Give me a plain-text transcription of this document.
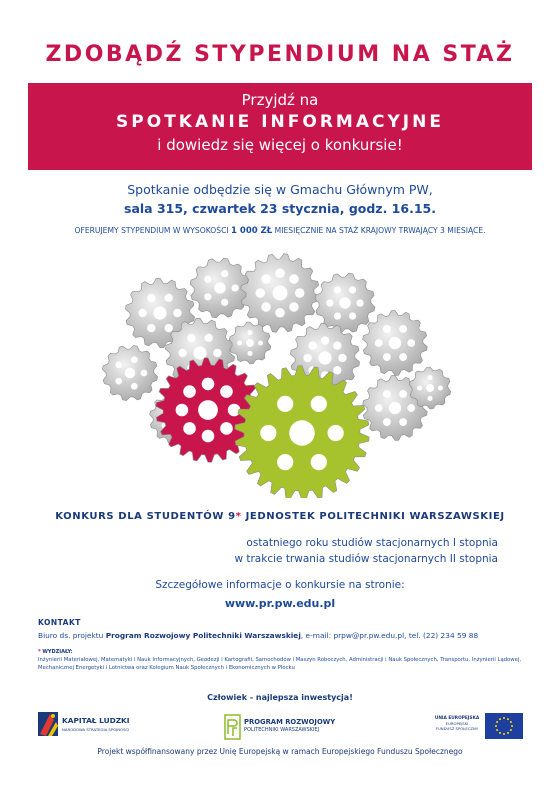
ZDOBĄDŹ STYPENDIUM NA STAŻ
Przyjdź na
SPOTKANIE INFORMACYJNE
i dowiedz się więcej o konkursie!
Spotkanie odbędzie się w Gmachu Głównym PW,
sala 315, czwartek 23 stycznia, godz. 16.15.
OFERUJEMY STYPENDIUM W WYSOKOŚCI 1 000 ZŁ MIESIĘCZNIE NA STAŻ KRAJOWY TRWAJĄCY 3 MIESIĄCE.
KONKURS DLA STUDENTÓW 9* JEDNOSTEK POLITECHNIKI WARSZAWSKIEJ
ostatniego roku studiów stacjonarnych I stopnia
w trakcie trwania studiów stacjonarnych II stopnia
Szczegółowe informacje o konkursie na stronie:
www.pr.pw.edu.pl
KONTAKT
Biuro ds. projektu Program Rozwojowy Politechniki Warszawskiej, e-mail: prpw@pr.pw.edu.pl, tel. (22) 234 59 88
* WYDZIAŁY:
Inżynierii Materiałowej, Matematyki i Nauk Informacyjnych, Geodezji i Kartografii, Samochodów i Maszyn Roboczych, Administracji i Nauk Społecznych, Transportu, Inżynierii Lądowej, Mechanicznej Energetyki i Lotnictwa oraz Kolegium Nauk Społecznych i Ekonomicznych w Płocku
Człowiek - najlepsza inwestycja!
KAPITAŁ LUDZKI
NARODOWA STRATEGIA SPÓJNOŚCI
PROGRAM ROZWOJOWY
POLITECHNIKI WARSZAWSKIEJ
UNIA EUROPEJSKA
EUROPEJSKI
FUNDUSZ SPOŁECZNY
Projekt współfinansowany przez Unię Europejską w ramach Europejskiego Funduszu Społecznego
